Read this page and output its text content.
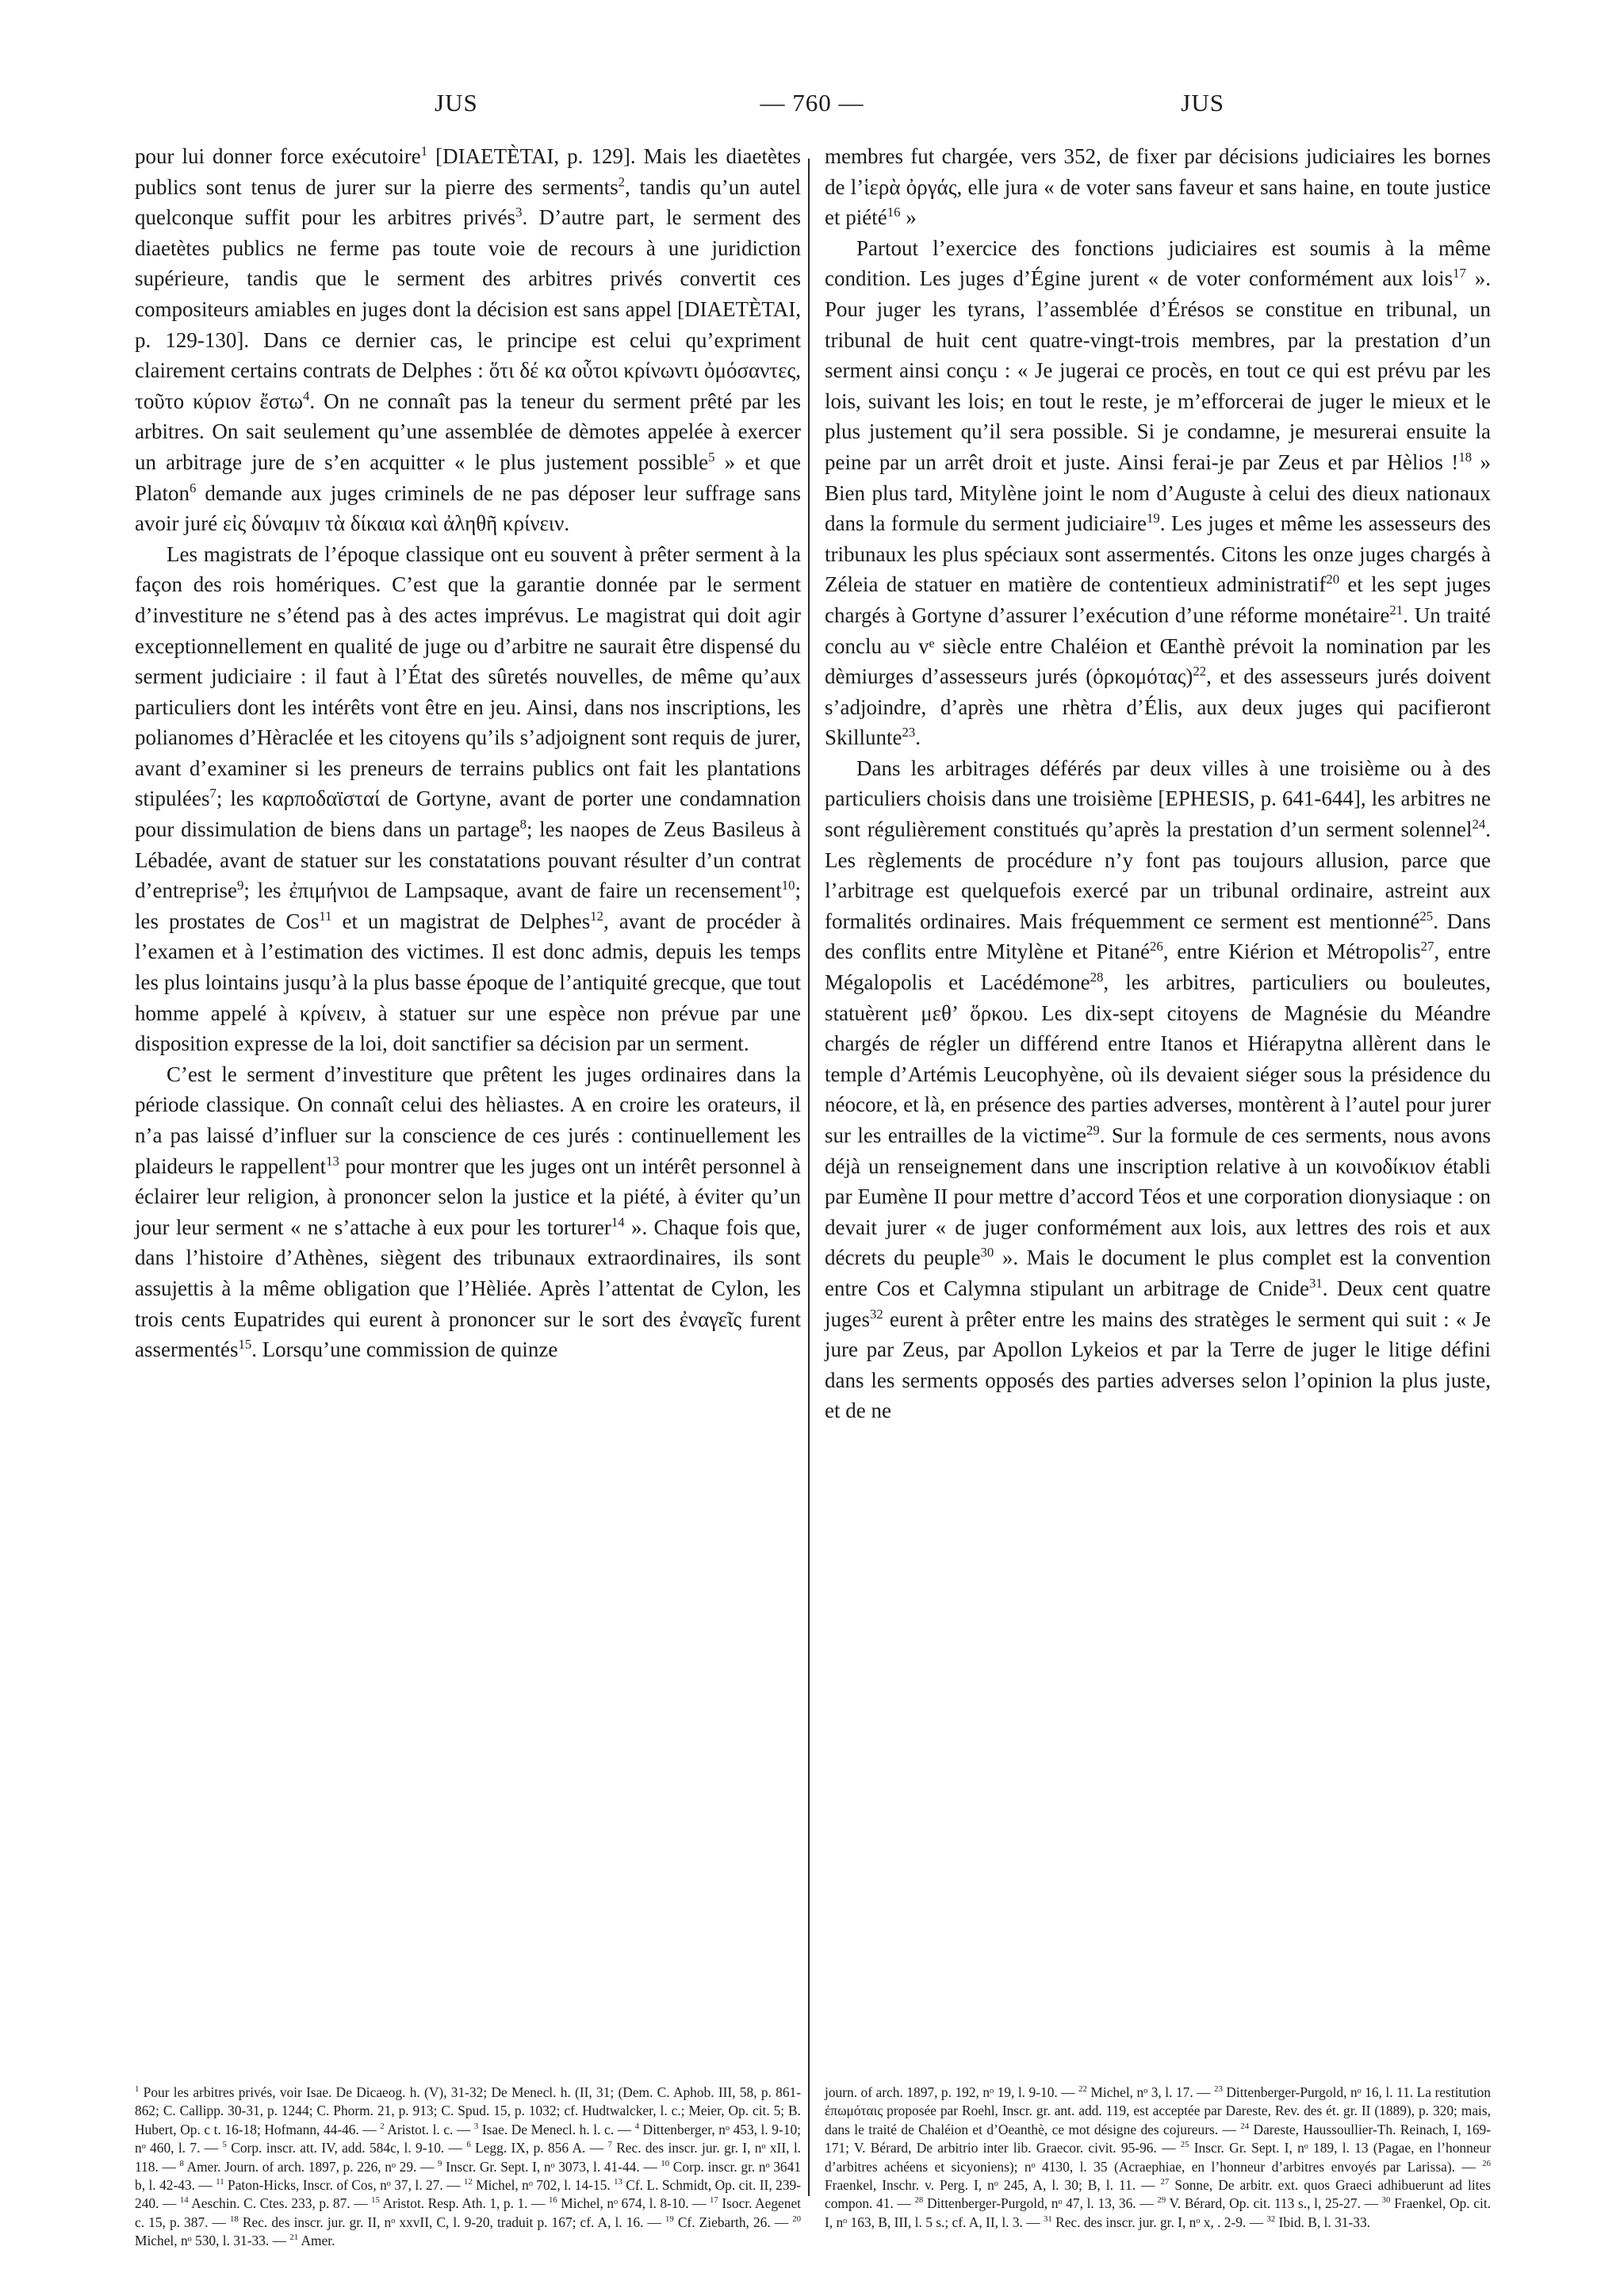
JUS	— 760 —	JUS

pour lui donner force exécutoire$^1$ [DIAETÈTAI, p. 129]. Mais les diaetètes publics sont tenus de jurer sur la pierre des serments$^2$, tandis qu’un autel quelconque suffit pour les arbitres privés$^3$. D’autre part, le serment des diaetètes publics ne ferme pas toute voie de recours à une juridiction supérieure, tandis que le serment des arbitres privés convertit ces compositeurs amiables en juges dont la décision est sans appel [DIAETÈTAI, p. 129-130]. Dans ce dernier cas, le principe est celui qu’expriment clairement certains contrats de Delphes : ὅτι δέ κα οὗτοι κρίνωντι ὀμόσαντες, τοῦτο κύριον ἔστω$^4$. On ne connaît pas la teneur du serment prêté par les arbitres. On sait seulement qu’une assemblée de dèmotes appelée à exercer un arbitrage jure de s’en acquitter « le plus justement possible$^5$ » et que Platon$^6$ demande aux juges criminels de ne pas déposer leur suffrage sans avoir juré εἰς δύναμιν τὰ δίκαια καὶ ἀληθῆ κρίνειν.

Les magistrats de l’époque classique ont eu souvent à prêter serment à la façon des rois homériques. C’est que la garantie donnée par le serment d’investiture ne s’étend pas à des actes imprévus. Le magistrat qui doit agir exceptionnellement en qualité de juge ou d’arbitre ne saurait être dispensé du serment judiciaire : il faut à l’État des sûretés nouvelles, de même qu’aux particuliers dont les intérêts vont être en jeu. Ainsi, dans nos inscriptions, les polianomes d’Hèraclée et les citoyens qu’ils s’adjoignent sont requis de jurer, avant d’examiner si les preneurs de terrains publics ont fait les plantations stipulées$^7$; les καρποδαϊσταί de Gortyne, avant de porter une condamnation pour dissimulation de biens dans un partage$^8$; les naopes de Zeus Basileus à Lébadée, avant de statuer sur les constatations pouvant résulter d’un contrat d’entreprise$^9$; les ἐπιμήνιοι de Lampsaque, avant de faire un recensement$^{10}$; les prostates de Cos$^{11}$ et un magistrat de Delphes$^{12}$, avant de procéder à l’examen et à l’estimation des victimes. Il est donc admis, depuis les temps les plus lointains jusqu’à la plus basse époque de l’antiquité grecque, que tout homme appelé à κρίνειν, à statuer sur une espèce non prévue par une disposition expresse de la loi, doit sanctifier sa décision par un serment.

C’est le serment d’investiture que prêtent les juges ordinaires dans la période classique. On connaît celui des hèliastes. A en croire les orateurs, il n’a pas laissé d’influer sur la conscience de ces jurés : continuellement les plaideurs le rappellent$^{13}$ pour montrer que les juges ont un intérêt personnel à éclairer leur religion, à prononcer selon la justice et la piété, à éviter qu’un jour leur serment « ne s’attache à eux pour les torturer$^{14}$ ». Chaque fois que, dans l’histoire d’Athènes, siègent des tribunaux extraordinaires, ils sont assujettis à la même obligation que l’Hèliée. Après l’attentat de Cylon, les trois cents Eupatrides qui eurent à prononcer sur le sort des ἐναγεῖς furent assermentés$^{15}$. Lorsqu’une commission de quinze

membres fut chargée, vers 352, de fixer par décisions judiciaires les bornes de l’ἱερὰ ὀργάς, elle jura « de voter sans faveur et sans haine, en toute justice et piété$^{16}$ »

Partout l’exercice des fonctions judiciaires est soumis à la même condition. Les juges d’Égine jurent « de voter conformément aux lois$^{17}$ ». Pour juger les tyrans, l’assemblée d’Érésos se constitue en tribunal, un tribunal de huit cent quatre-vingt-trois membres, par la prestation d’un serment ainsi conçu : « Je jugerai ce procès, en tout ce qui est prévu par les lois, suivant les lois; en tout le reste, je m’efforcerai de juger le mieux et le plus justement qu’il sera possible. Si je condamne, je mesurerai ensuite la peine par un arrêt droit et juste. Ainsi ferai-je par Zeus et par Hèlios !$^{18}$ » Bien plus tard, Mitylène joint le nom d’Auguste à celui des dieux nationaux dans la formule du serment judiciaire$^{19}$. Les juges et même les assesseurs des tribunaux les plus spéciaux sont assermentés. Citons les onze juges chargés à Zéleia de statuer en matière de contentieux administratif$^{20}$ et les sept juges chargés à Gortyne d’assurer l’exécution d’une réforme monétaire$^{21}$. Un traité conclu au vᵉ siècle entre Chaléion et Œanthè prévoit la nomination par les dèmiurges d’assesseurs jurés (ὁρκομότας)$^{22}$, et des assesseurs jurés doivent s’adjoindre, d’après une rhètra d’Élis, aux deux juges qui pacifieront Skillunte$^{23}$.

Dans les arbitrages déférés par deux villes à une troisième ou à des particuliers choisis dans une troisième [EPHESIS, p. 641-644], les arbitres ne sont régulièrement constitués qu’après la prestation d’un serment solennel$^{24}$. Les règlements de procédure n’y font pas toujours allusion, parce que l’arbitrage est quelquefois exercé par un tribunal ordinaire, astreint aux formalités ordinaires. Mais fréquemment ce serment est mentionné$^{25}$. Dans des conflits entre Mitylène et Pitané$^{26}$, entre Kiérion et Métropolis$^{27}$, entre Mégalopolis et Lacédémone$^{28}$, les arbitres, particuliers ou bouleutes, statuèrent μεθ’ ὅρκου. Les dix-sept citoyens de Magnésie du Méandre chargés de régler un différend entre Itanos et Hiérapytna allèrent dans le temple d’Artémis Leucophyène, où ils devaient siéger sous la présidence du néocore, et là, en présence des parties adverses, montèrent à l’autel pour jurer sur les entrailles de la victime$^{29}$. Sur la formule de ces serments, nous avons déjà un renseignement dans une inscription relative à un κοινοδίκιον établi par Eumène II pour mettre d’accord Téos et une corporation dionysiaque : on devait jurer « de juger conformément aux lois, aux lettres des rois et aux décrets du peuple$^{30}$ ». Mais le document le plus complet est la convention entre Cos et Calymna stipulant un arbitrage de Cnide$^{31}$. Deux cent quatre juges$^{32}$ eurent à prêter entre les mains des stratèges le serment qui suit : « Je jure par Zeus, par Apollon Lykeios et par la Terre de juger le litige défini dans les serments opposés des parties adverses selon l’opinion la plus juste, et de ne

$^1$ Pour les arbitres privés, voir Isae. De Dicaeog. h. (V), 31-32; De Menecl. h. (II, 31; (Dem. C. Aphob. III, 58, p. 861-862; C. Callipp. 30-31, p. 1244; C. Phorm. 21, p. 913; C. Spud. 15, p. 1032; cf. Hudtwalcker, l. c.; Meier, Op. cit. 5; B. Hubert, Op. c t. 16-18; Hofmann, 44-46. — $^2$ Aristot. l. c. — $^3$ Isae. De Menecl. h. l. c. — $^4$ Dittenberger, nᵒ 453, l. 9-10; nᵒ 460, l. 7. — $^5$ Corp. inscr. att. IV, add. 584c, l. 9-10. — $^6$ Legg. IX, p. 856 A. — $^7$ Rec. des inscr. jur. gr. I, nᵒ xII, l. 118. — $^8$ Amer. Journ. of arch. 1897, p. 226, nᵒ 29. — $^9$ Inscr. Gr. Sept. I, nᵒ 3073, l. 41-44. — $^{10}$ Corp. inscr. gr. nᵒ 3641 b, l. 42-43. — $^{11}$ Paton-Hicks, Inscr. of Cos, nᵒ 37, l. 27. — $^{12}$ Michel, nᵒ 702, l. 14-15. $^{13}$ Cf. L. Schmidt, Op. cit. II, 239-240. — $^{14}$ Aeschin. C. Ctes. 233, p. 87. — $^{15}$ Aristot. Resp. Ath. 1, p. 1. — $^{16}$ Michel, nᵒ 674, l. 8-10. — $^{17}$ Isocr. Aegenet c. 15, p. 387. — $^{18}$ Rec. des inscr. jur. gr. II, nᵒ xxvII, C, l. 9-20, traduit p. 167; cf. A, l. 16. — $^{19}$ Cf. Ziebarth, 26. — $^{20}$ Michel, nᵒ 530, l. 31-33. — $^{21}$ Amer.

journ. of arch. 1897, p. 192, nᵒ 19, l. 9-10. — $^{22}$ Michel, nᵒ 3, l. 17. — $^{23}$ Dittenberger-Purgold, nᵒ 16, l. 11. La restitution ἐπωμόταις proposée par Roehl, Inscr. gr. ant. add. 119, est acceptée par Dareste, Rev. des ét. gr. II (1889), p. 320; mais, dans le traité de Chaléion et d’Oeanthè, ce mot désigne des cojureurs. — $^{24}$ Dareste, Haussoullier-Th. Reinach, I, 169-171; V. Bérard, De arbitrio inter lib. Graecor. civit. 95-96. — $^{25}$ Inscr. Gr. Sept. I, nᵒ 189, l. 13 (Pagae, en l’honneur d’arbitres achéens et sicyoniens); nᵒ 4130, l. 35 (Acraephiae, en l’honneur d’arbitres envoyés par Larissa). — $^{26}$ Fraenkel, Inschr. v. Perg. I, nᵒ 245, A, l. 30; B, l. 11. — $^{27}$ Sonne, De arbitr. ext. quos Graeci adhibuerunt ad lites compon. 41. — $^{28}$ Dittenberger-Purgold, nᵒ 47, l. 13, 36. — $^{29}$ V. Bérard, Op. cit. 113 s., l, 25-27. — $^{30}$ Fraenkel, Op. cit. I, nᵒ 163, B, III, l. 5 s.; cf. A, II, l. 3. — $^{31}$ Rec. des inscr. jur. gr. I, nᵒ x, . 2-9. — $^{32}$ Ibid. B, l. 31-33.
